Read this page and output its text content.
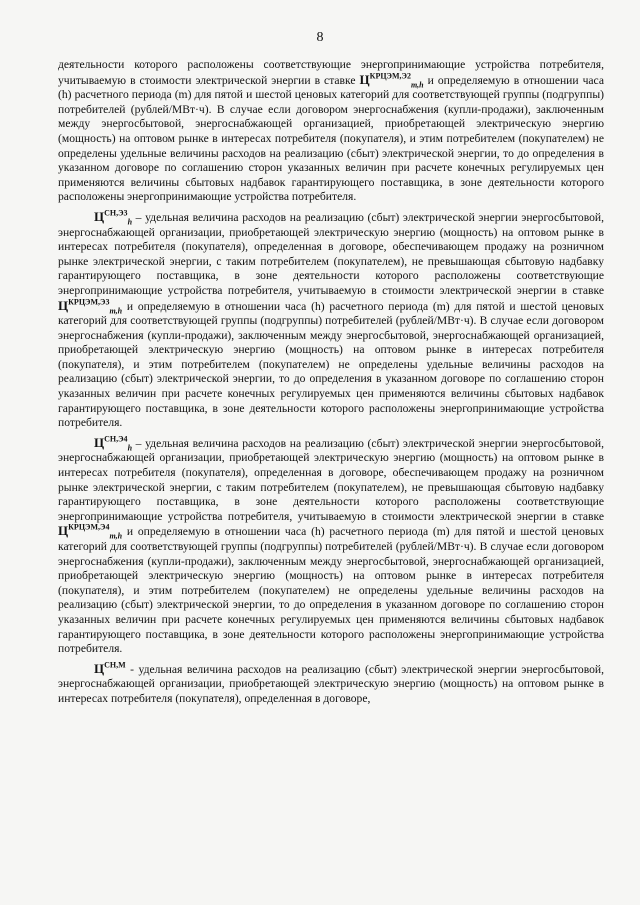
8

деятельности которого расположены соответствующие энергопринимающие устройства потребителя, учитываемую в стоимости электрической энергии в ставке $Ц^{КРЦЭМ,Э2}_{m,h}$ и определяемую в отношении часа (h) расчетного периода (m) для пятой и шестой ценовых категорий для соответствующей группы (подгруппы) потребителей (рублей/МВт·ч). В случае если договором энергоснабжения (купли-продажи), заключенным между энергосбытовой, энергоснабжающей организацией, приобретающей электрическую энергию (мощность) на оптовом рынке в интересах потребителя (покупателя), и этим потребителем (покупателем) не определены удельные величины расходов на реализацию (сбыт) электрической энергии, то до определения в указанном договоре по соглашению сторон указанных величин при расчете конечных регулируемых цен применяются величины сбытовых надбавок гарантирующего поставщика, в зоне деятельности которого расположены энергопринимающие устройства потребителя.

$Ц^{СН,Э3}_h$ – удельная величина расходов на реализацию (сбыт) электрической энергии энергосбытовой, энергоснабжающей организации, приобретающей электрическую энергию (мощность) на оптовом рынке в интересах потребителя (покупателя), определенная в договоре, обеспечивающем продажу на розничном рынке электрической энергии, с таким потребителем (покупателем), не превышающая сбытовую надбавку гарантирующего поставщика, в зоне деятельности которого расположены соответствующие энергопринимающие устройства потребителя, учитываемую в стоимости электрической энергии в ставке $Ц^{КРЦЭМ,Э3}_{m,h}$ и определяемую в отношении часа (h) расчетного периода (m) для пятой и шестой ценовых категорий для соответствующей группы (подгруппы) потребителей (рублей/МВт·ч). В случае если договором энергоснабжения (купли-продажи), заключенным между энергосбытовой, энергоснабжающей организацией, приобретающей электрическую энергию (мощность) на оптовом рынке в интересах потребителя (покупателя), и этим потребителем (покупателем) не определены удельные величины расходов на реализацию (сбыт) электрической энергии, то до определения в указанном договоре по соглашению сторон указанных величин при расчете конечных регулируемых цен применяются величины сбытовых надбавок гарантирующего поставщика, в зоне деятельности которого расположены энергопринимающие устройства потребителя.

$Ц^{СН,Э4}_h$ – удельная величина расходов на реализацию (сбыт) электрической энергии энергосбытовой, энергоснабжающей организации, приобретающей электрическую энергию (мощность) на оптовом рынке в интересах потребителя (покупателя), определенная в договоре, обеспечивающем продажу на розничном рынке электрической энергии, с таким потребителем (покупателем), не превышающая сбытовую надбавку гарантирующего поставщика, в зоне деятельности которого расположены соответствующие энергопринимающие устройства потребителя, учитываемую в стоимости электрической энергии в ставке $Ц^{КРЦЭМ,Э4}_{m,h}$ и определяемую в отношении часа (h) расчетного периода (m) для пятой и шестой ценовых категорий для соответствующей группы (подгруппы) потребителей (рублей/МВт·ч). В случае если договором энергоснабжения (купли-продажи), заключенным между энергосбытовой, энергоснабжающей организацией, приобретающей электрическую энергию (мощность) на оптовом рынке в интересах потребителя (покупателя), и этим потребителем (покупателем) не определены удельные величины расходов на реализацию (сбыт) электрической энергии, то до определения в указанном договоре по соглашению сторон указанных величин при расчете конечных регулируемых цен применяются величины сбытовых надбавок гарантирующего поставщика, в зоне деятельности которого расположены энергопринимающие устройства потребителя.

$Ц^{СН,М}$ - удельная величина расходов на реализацию (сбыт) электрической энергии энергосбытовой, энергоснабжающей организации, приобретающей электрическую энергию (мощность) на оптовом рынке в интересах потребителя (покупателя), определенная в договоре,
